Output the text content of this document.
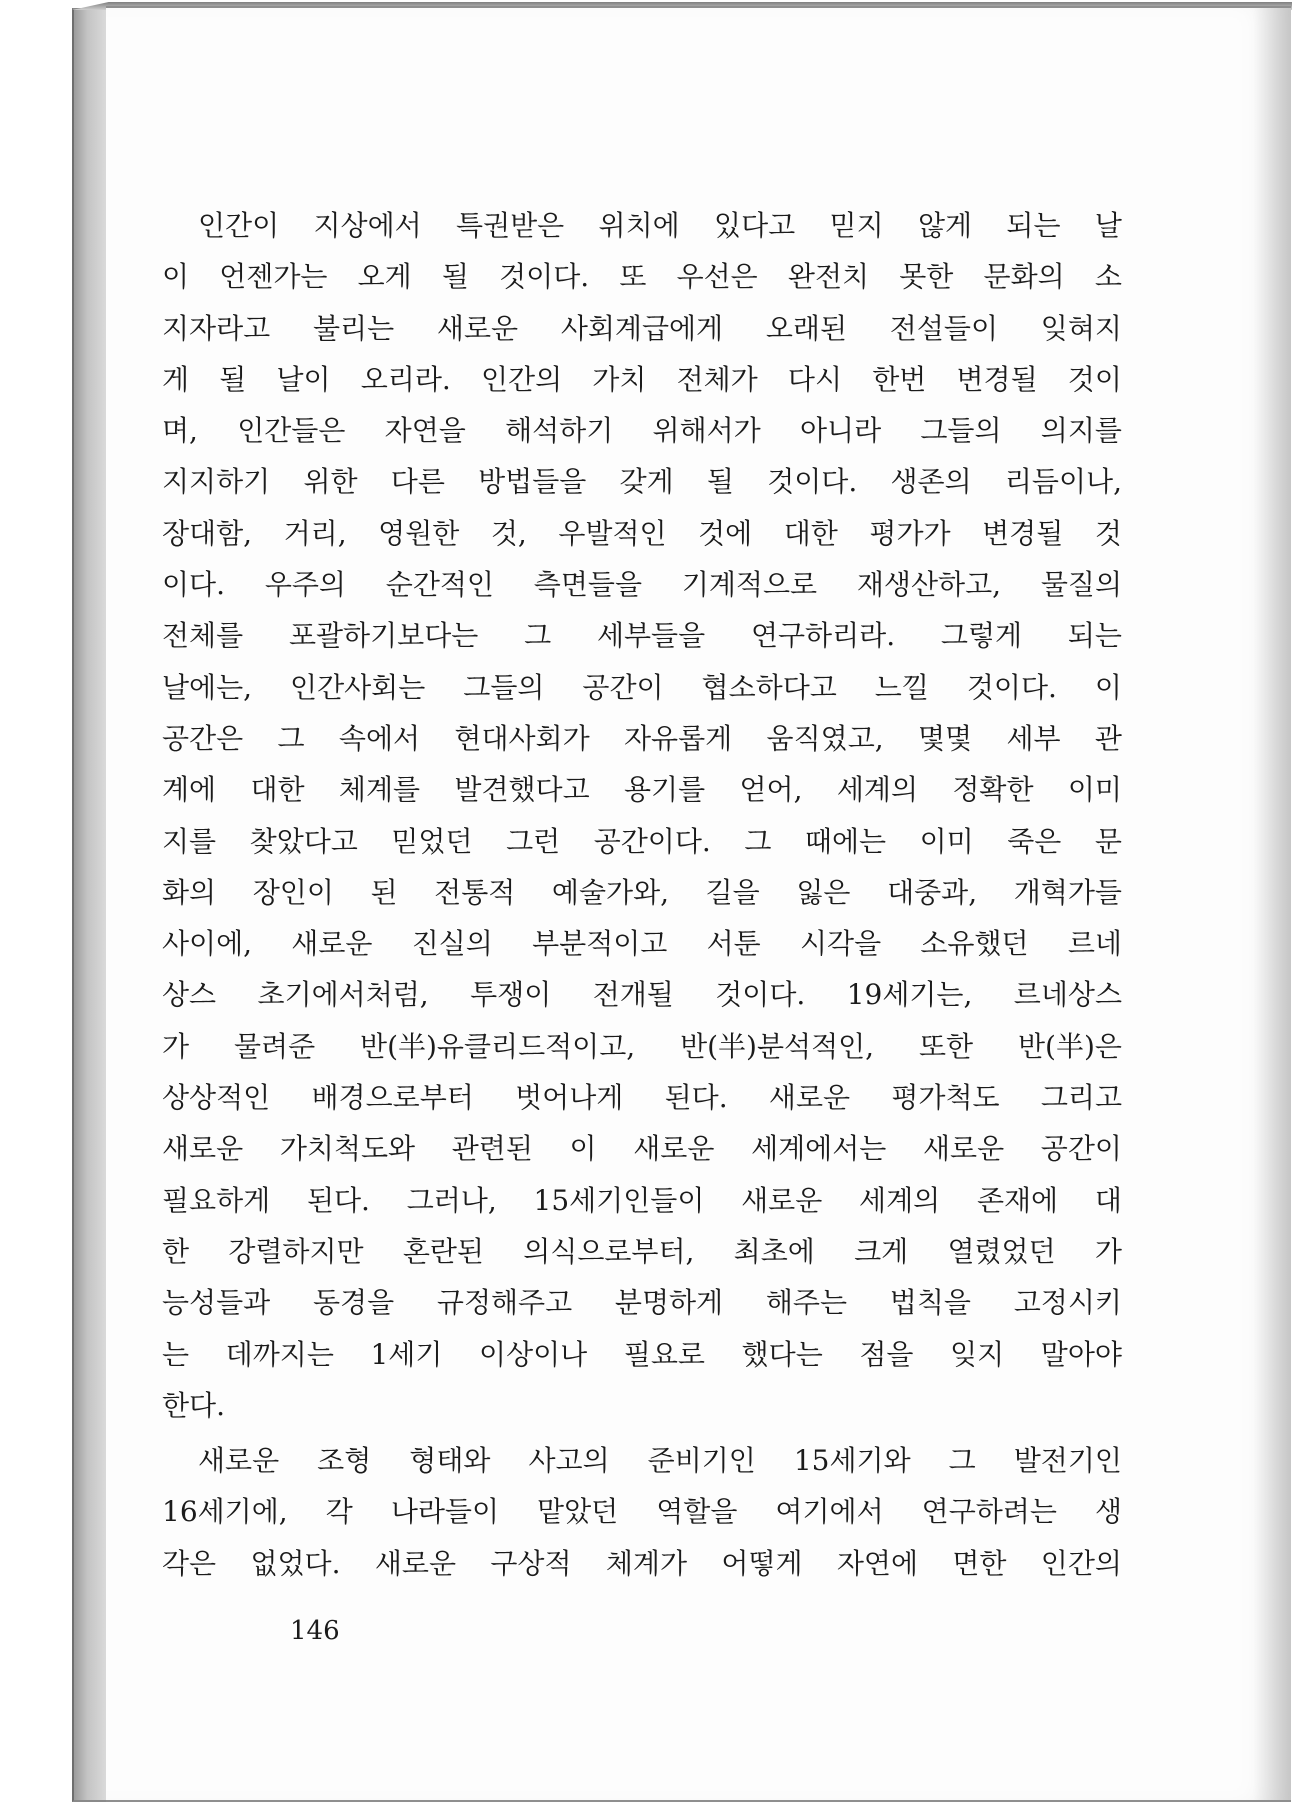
인간이 지상에서 특권받은 위치에 있다고 믿지 않게 되는 날
이 언젠가는 오게 될 것이다. 또 우선은 완전치 못한 문화의 소
지자라고 불리는 새로운 사회계급에게 오래된 전설들이 잊혀지
게 될 날이 오리라. 인간의 가치 전체가 다시 한번 변경될 것이
며, 인간들은 자연을 해석하기 위해서가 아니라 그들의 의지를
지지하기 위한 다른 방법들을 갖게 될 것이다. 생존의 리듬이나,
장대함, 거리, 영원한 것, 우발적인 것에 대한 평가가 변경될 것
이다. 우주의 순간적인 측면들을 기계적으로 재생산하고, 물질의
전체를 포괄하기보다는 그 세부들을 연구하리라. 그렇게 되는
날에는, 인간사회는 그들의 공간이 협소하다고 느낄 것이다. 이
공간은 그 속에서 현대사회가 자유롭게 움직였고, 몇몇 세부 관
계에 대한 체계를 발견했다고 용기를 얻어, 세계의 정확한 이미
지를 찾았다고 믿었던 그런 공간이다. 그 때에는 이미 죽은 문
화의 장인이 된 전통적 예술가와, 길을 잃은 대중과, 개혁가들
사이에, 새로운 진실의 부분적이고 서툰 시각을 소유했던 르네
상스 초기에서처럼, 투쟁이 전개될 것이다. 19세기는, 르네상스
가 물려준 반(半)유클리드적이고, 반(半)분석적인, 또한 반(半)은
상상적인 배경으로부터 벗어나게 된다. 새로운 평가척도 그리고
새로운 가치척도와 관련된 이 새로운 세계에서는 새로운 공간이
필요하게 된다. 그러나, 15세기인들이 새로운 세계의 존재에 대
한 강렬하지만 혼란된 의식으로부터, 최초에 크게 열렸었던 가
능성들과 동경을 규정해주고 분명하게 해주는 법칙을 고정시키
는 데까지는 1세기 이상이나 필요로 했다는 점을 잊지 말아야
한다.
새로운 조형 형태와 사고의 준비기인 15세기와 그 발전기인
16세기에, 각 나라들이 맡았던 역할을 여기에서 연구하려는 생
각은 없었다. 새로운 구상적 체계가 어떻게 자연에 면한 인간의
146
